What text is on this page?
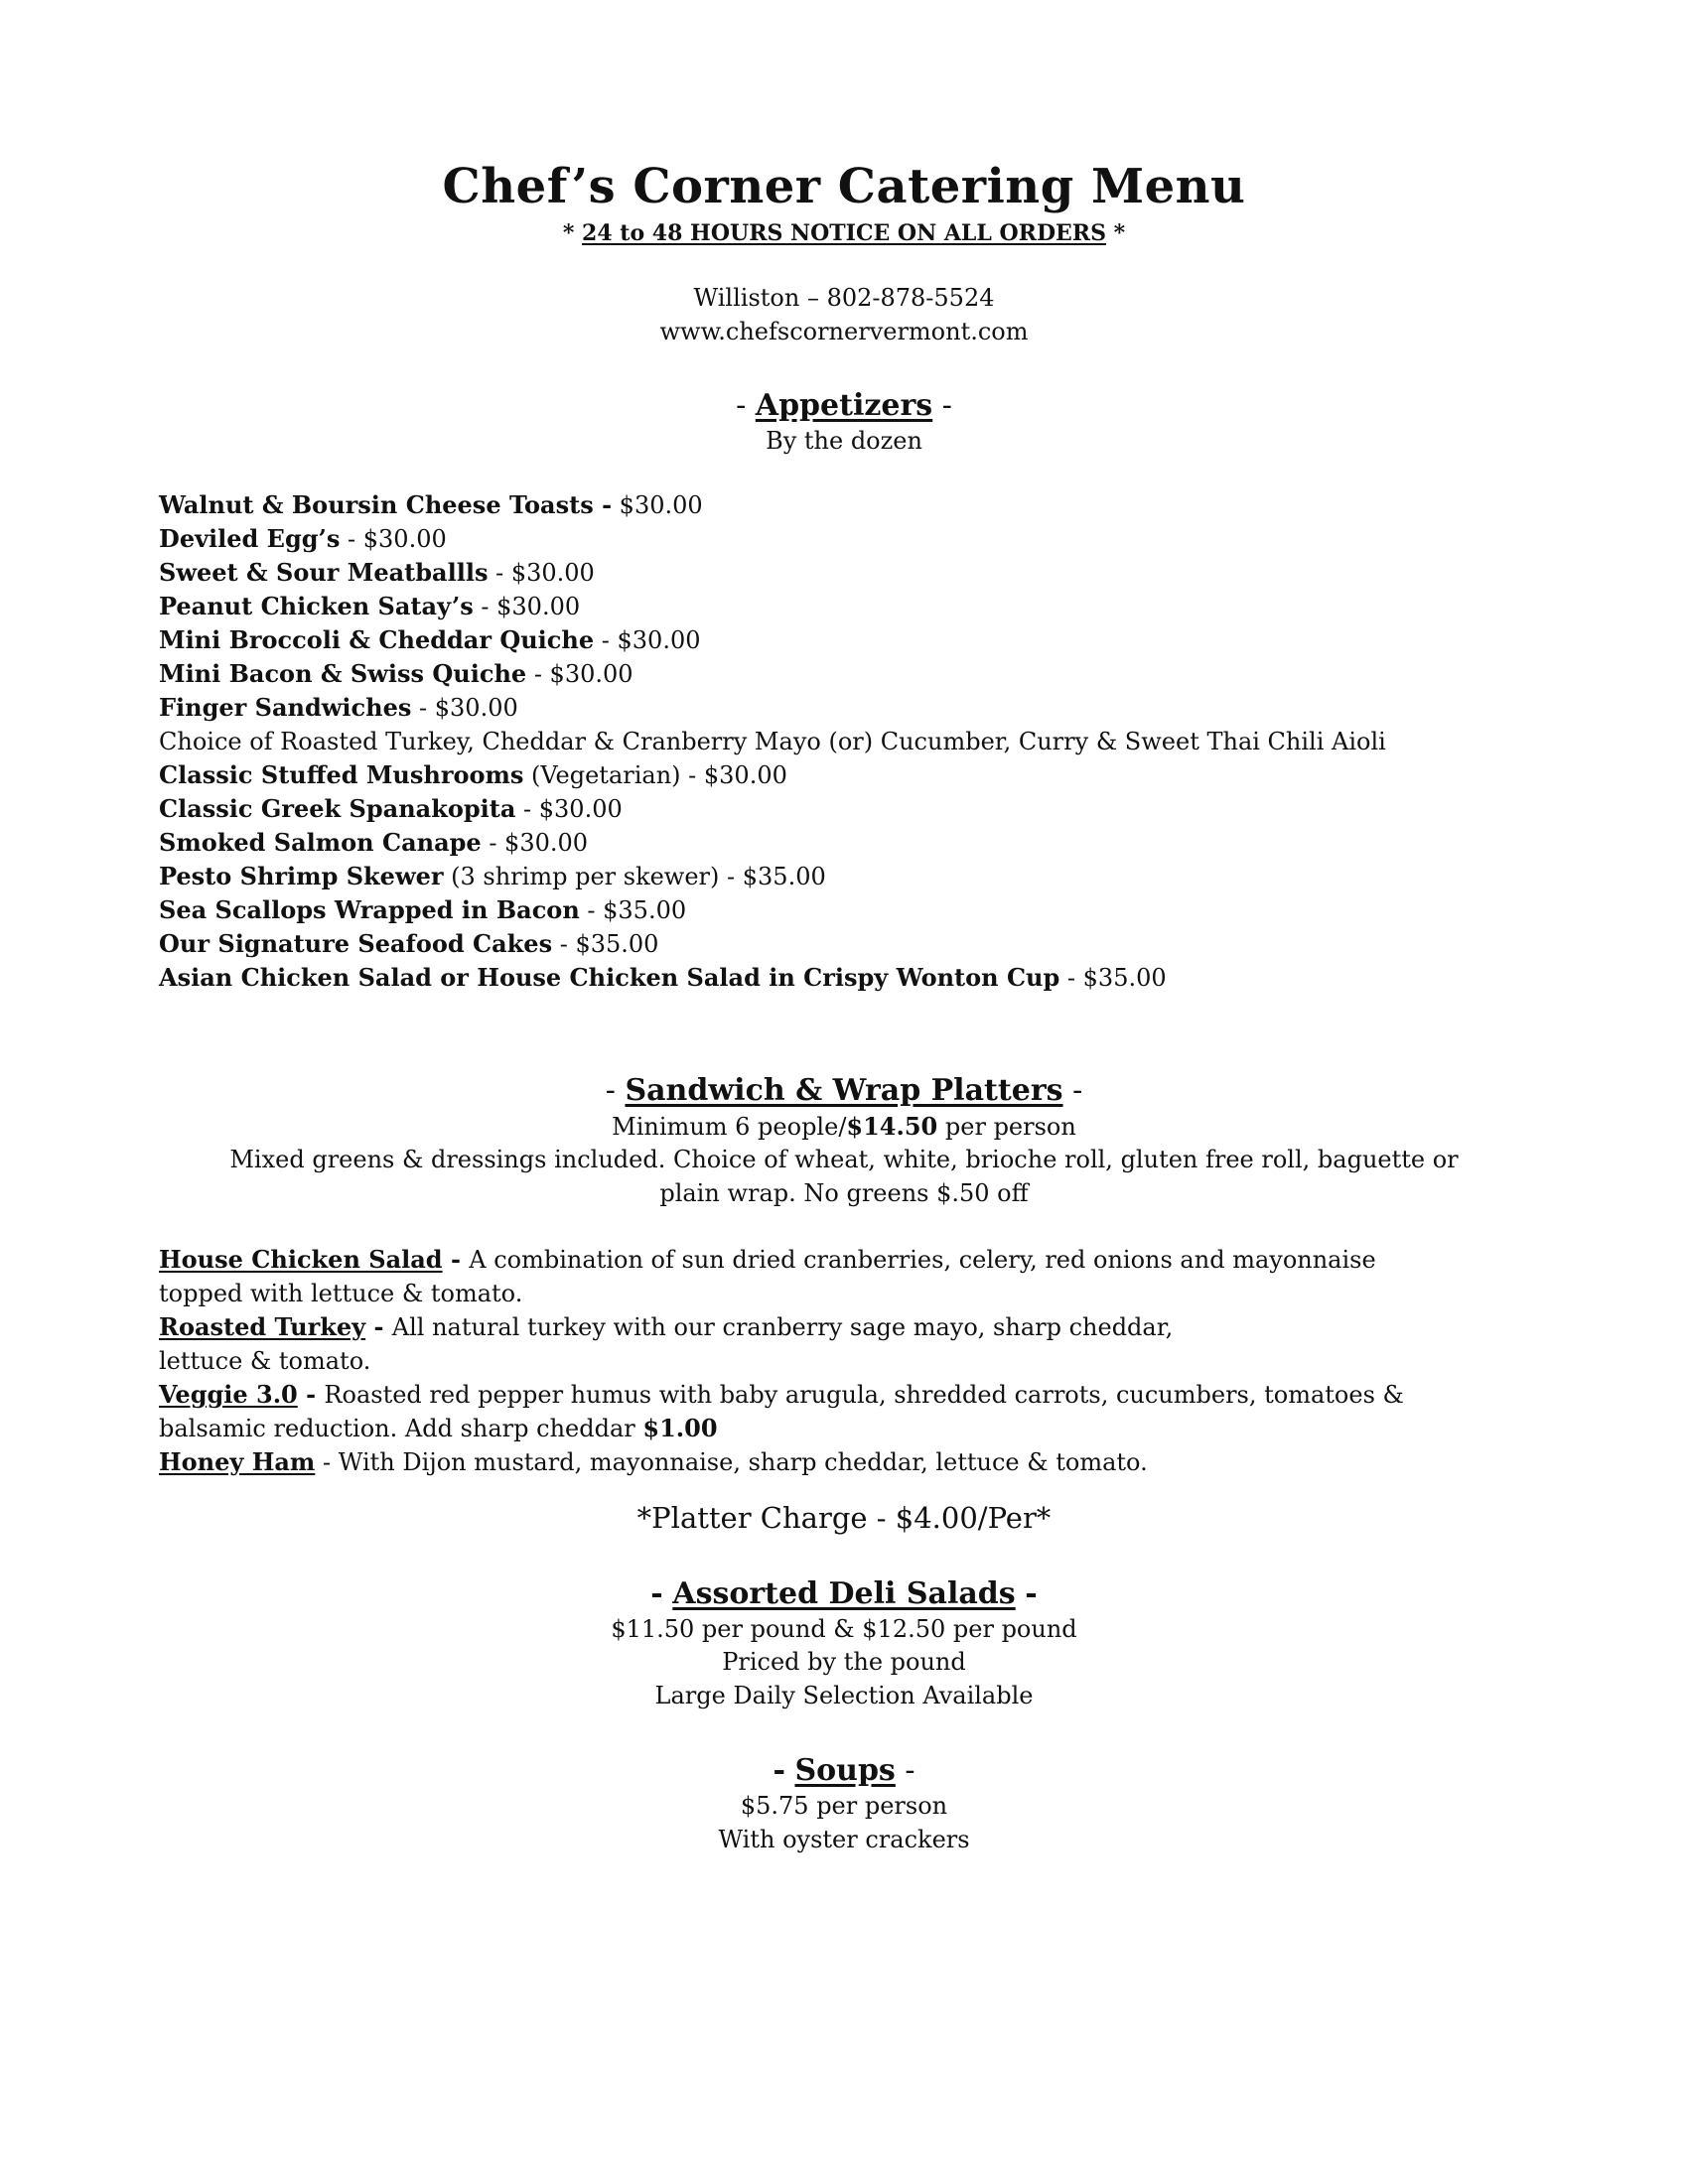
Chef’s Corner Catering Menu
* 24 to 48 HOURS NOTICE ON ALL ORDERS *
Williston – 802-878-5524
www.chefscornervermont.com
- Appetizers -
By the dozen
Walnut & Boursin Cheese Toasts - $30.00
Deviled Egg’s - $30.00
Sweet & Sour Meatballls - $30.00
Peanut Chicken Satay’s - $30.00
Mini Broccoli & Cheddar Quiche - $30.00
Mini Bacon & Swiss Quiche - $30.00
Finger Sandwiches - $30.00
Choice of Roasted Turkey, Cheddar & Cranberry Mayo (or) Cucumber, Curry & Sweet Thai Chili Aioli
Classic Stuffed Mushrooms (Vegetarian) - $30.00
Classic Greek Spanakopita - $30.00
Smoked Salmon Canape - $30.00
Pesto Shrimp Skewer (3 shrimp per skewer) - $35.00
Sea Scallops Wrapped in Bacon - $35.00
Our Signature Seafood Cakes - $35.00
Asian Chicken Salad or House Chicken Salad in Crispy Wonton Cup - $35.00
- Sandwich & Wrap Platters -
Minimum 6 people/$14.50 per person
Mixed greens & dressings included. Choice of wheat, white, brioche roll, gluten free roll, baguette or
plain wrap. No greens $.50 off
House Chicken Salad - A combination of sun dried cranberries, celery, red onions and mayonnaise
topped with lettuce & tomato.
Roasted Turkey - All natural turkey with our cranberry sage mayo, sharp cheddar,
lettuce & tomato.
Veggie 3.0 - Roasted red pepper humus with baby arugula, shredded carrots, cucumbers, tomatoes &
balsamic reduction. Add sharp cheddar $1.00
Honey Ham - With Dijon mustard, mayonnaise, sharp cheddar, lettuce & tomato.
*Platter Charge - $4.00/Per*
- Assorted Deli Salads -
$11.50 per pound & $12.50 per pound
Priced by the pound
Large Daily Selection Available
- Soups -
$5.75 per person
With oyster crackers
